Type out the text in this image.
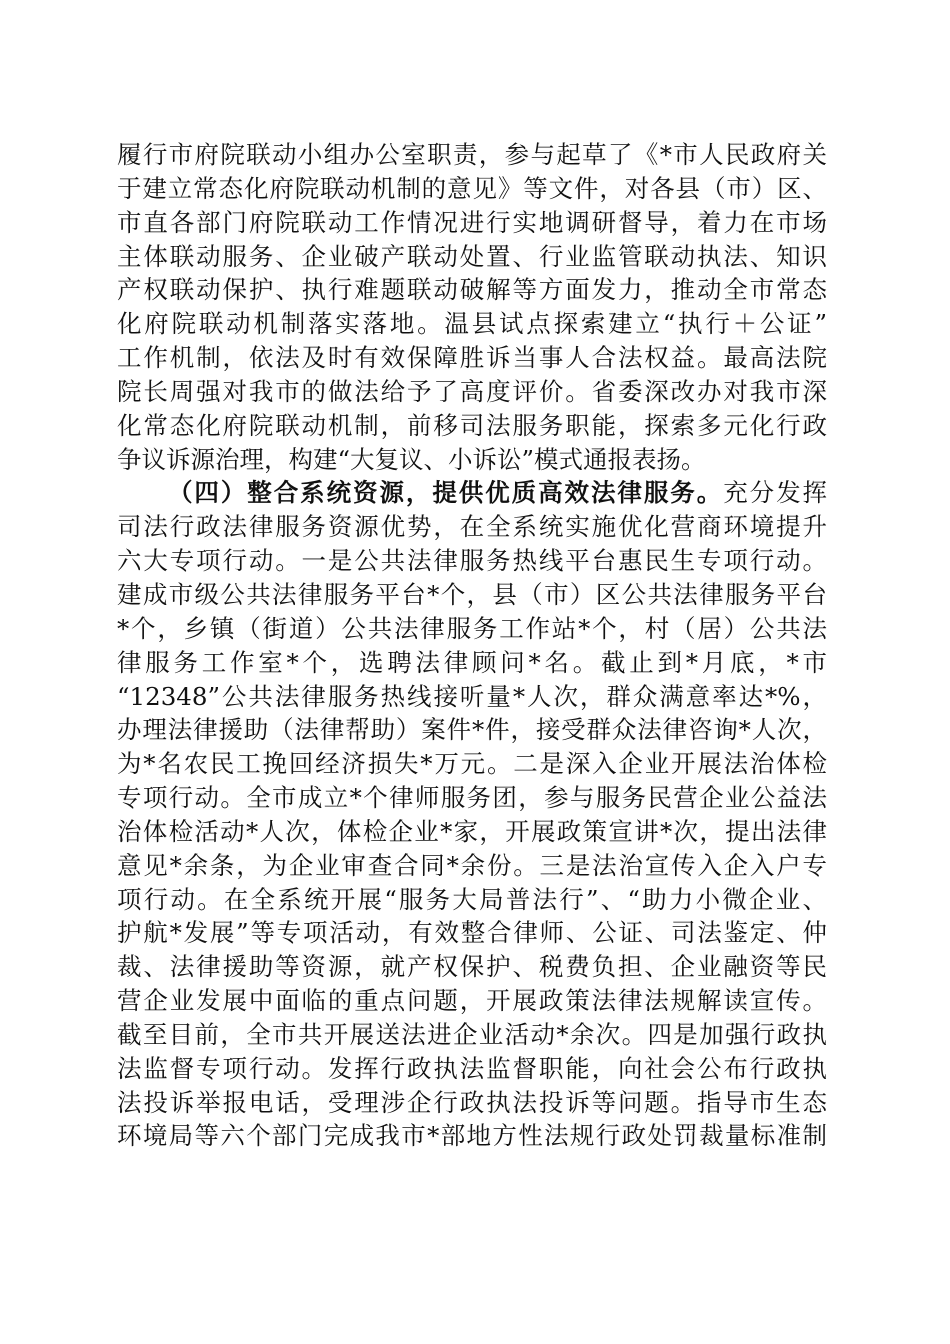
履行市府院联动小组办公室职责，参与起草了《*市人民政府关
于建立常态化府院联动机制的意见》等文件，对各县（市）区、
市直各部门府院联动工作情况进行实地调研督导，着力在市场
主体联动服务、企业破产联动处置、行业监管联动执法、知识
产权联动保护、执行难题联动破解等方面发力，推动全市常态
化府院联动机制落实落地。温县试点探索建立“执行＋公证”
工作机制，依法及时有效保障胜诉当事人合法权益。最高法院
院长周强对我市的做法给予了高度评价。省委深改办对我市深
化常态化府院联动机制，前移司法服务职能，探索多元化行政
争议诉源治理，构建“大复议、小诉讼”模式通报表扬。
（四）整合系统资源，提供优质高效法律服务。充分发挥
司法行政法律服务资源优势，在全系统实施优化营商环境提升
六大专项行动。一是公共法律服务热线平台惠民生专项行动。
建成市级公共法律服务平台*个，县（市）区公共法律服务平台
*个，乡镇（街道）公共法律服务工作站*个，村（居）公共法
律服务工作室*个，选聘法律顾问*名。截止到*月底，*市
“12348”公共法律服务热线接听量*人次，群众满意率达*%，
办理法律援助（法律帮助）案件*件，接受群众法律咨询*人次，
为*名农民工挽回经济损失*万元。二是深入企业开展法治体检
专项行动。全市成立*个律师服务团，参与服务民营企业公益法
治体检活动*人次，体检企业*家，开展政策宣讲*次，提出法律
意见*余条，为企业审查合同*余份。三是法治宣传入企入户专
项行动。在全系统开展“服务大局普法行”、“助力小微企业、
护航*发展”等专项活动，有效整合律师、公证、司法鉴定、仲
裁、法律援助等资源，就产权保护、税费负担、企业融资等民
营企业发展中面临的重点问题，开展政策法律法规解读宣传。
截至目前，全市共开展送法进企业活动*余次。四是加强行政执
法监督专项行动。发挥行政执法监督职能，向社会公布行政执
法投诉举报电话，受理涉企行政执法投诉等问题。指导市生态
环境局等六个部门完成我市*部地方性法规行政处罚裁量标准制
